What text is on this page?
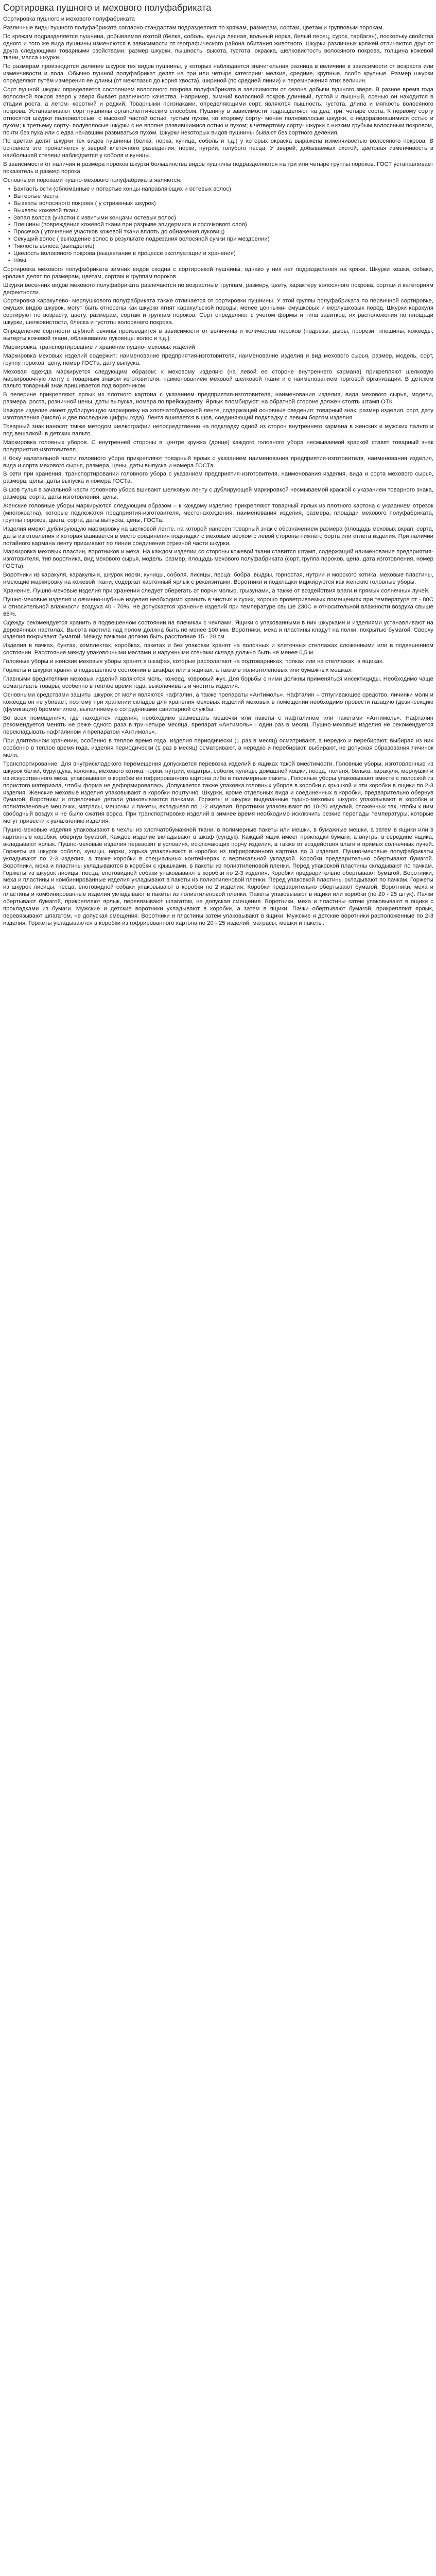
Сортировка пушного и мехового полуфабриката

Сортировка пушного и мехового полуфабриката

Различные виды пушного полуфабриката согласно стандартам подразделяют по кряжам, размерам, сортам, цветам и групповым порокам.

По кряжам подразделяется пушнина, добываемая охотой (белка, соболь, куница лесная, вольный норка, белый песец, сурок, тарбаган), поскольку свойства одного и того же вида пушнины изменяются в зависимости от географического района обитания животного. Шкурки различных кряжей отличаются друг от друга следующими товарными свойствами: размер шкурки, пышность, высота, густота, окраска, шелковистость волосяного покрова, толщина кожевой ткани, масса шкурки.

По размерам производится деление шкурок тех видов пушнины, у которых наблюдается значительная разница в величине в зависимости от возраста или изменчивости и пола. Обычно пушной полуфабрикат делят на три или четыре категории: мелкие, средние, крупные, особо крупные. Размер шкурки определяют путём измерения ее длины (от межглазья до корня хвоста), шириной (по средней линии) и перемножения этих величин.

Сорт пушной шкурки определяется состоянием волосяного покрова полуфабриката в зависимости от сезона добычи пушного зверя. В разное время года волосяной покров зверя у зверя бывает различного качества. Например, зимний волосяной покров длинный, густой и пышный, осенью он находится в стадии роста, а летом- короткий и редкий. Товарными признаками, определяющими сорт, являются пышность, густота, длина и мягкость волосяного покрова. Устанавливают сорт пушнины органолептическим способом. Пушнину в зависимости подразделяют на два, три, четыре сорта. К первому сорту относятся шкурки полноволосые, с высокой частой остью, густым пухом, ко второму сорту- менее полноволосые шкурки, с недоразвившимися остью и пухом; к третьему сорту- полуволосые шкурки с не вполне развившимися остью и пухом; к четвертому сорту- шкурки с низким грубым волосяным покровом, почти без пуха или с едва начавшим развиваться пухом. Шкурки некоторых видов пушнины бывают без сортного деления.

По цветам делят шкурки тех видов пушнины (белка, норка, куница, соболь и т.д.) у которых окраска выражена изменчивостью волосяного покрова. В основном это проявляется у зверей клеточного разведения: норки, нутрии, голубого песца. У зверей, добываемых охотой, цветовая изменчивость в наибольшей степени наблюдается у соболя и куницы.

В зависимости от наличия и размера пороков шкурки большинства видов пушнины подразделяются на три или четыре группы пороков. ГОСТ устанавливает показатель и размер порока.

Основными пороками пушно-мехового полуфабриката являются:

• Бахтасть ости (обломанные и потертые концы направляющих и остевых волос)
• Вытертые места
• Выхваты волосяного покрова ( у стриженых шкурок)
• Выхваты кожевой ткани
• Запал волоса (участки с извитыми концами остевых волос)
• Плешины (повреждения кожевой ткани при разрыве эпидермиса и сосочкового слоя)
• Просечка ( уточнение участков кожевой ткани вплоть до обнажения луковиц)
• Секущий волос ( выпадение волос в результате подрезания волосяной сумки при мездрении)
• Тяклость волоса (выпадение)
• Цвелость волосяного покрова (выцветание в процессе эксплуатации и хранения)
• Швы

Сортировка мехового полуфабриката зимних видов сходна с сортировкой пушнины, однако у них нет подразделения на кряжи. Шкурки кошки, собаки, кролика делят по размерам, цветам, сортам и группам пороков.

Шкурки весенних видов мехового полуфабриката различаются по возрастным группам, размеру, цвету, характеру волосяного покрова, сортам и категориям дефектности.

Сортировка каракулево- мерлушкового полуфабриката также отличается от сортировки пушнины. У этой группы полуфабриката по первичной сортировке, смушек видов шкурок, могут быть отнесены как шкурки ягнят каракульской породы, менее ценными- смушковых и мерлушковых пород. Шкурки каракуля сортируют по возрасту, цвету, размерам, сортам и группам пороков. Сорт определяют с учетом формы и типа завитков, их расположения по площади шкурки, шелковистости, блеска и густоты волосяного покрова.

Определение сортности шубной овчины производится в зависимости от величины и количества пороков (подрезы, дыры, прорези, плешины, кожееды, вытерты кожевой ткани, облаживание луковицы волос и т.д.).

Маркировка, транспортирование и хранение пушно- меховых изделий

Маркировка меховых изделий содержит: наименование предприятия-изготовителя, наименование изделия и вид мехового сырья, размер, модель, сорт, группу пороков, цену, номер ГОСТа, дату выпуска.

Меховая одежда маркируется следующим образом: к меховому изделию (на левой ее стороне внутреннего кармана) прикрепляют шелковую маркировочную ленту с товарным знаком изготовителя, наименованием меховой шелковой ткани и с наименованием торговой организации. В детском пальто товарный знак пришивается под воротником.

В пелерине прикрепляют ярлык из плотного картона с указанием предприятия-изготовителя, наименования изделия, вида мехового сырья, модели, размера, роста, розничной цены, даты выпуска, номера по прейскуранту. Ярлык пломбируют; на обратной стороне должен стоять штамп ОТК.

Каждое изделие имеет дублирующую маркировку на хлопчатобумажной ленте, содержащей основные сведения: товарный знак, размер изделия, сорт, дату изготовления (число) и две последние цифры года). Лента вшивается в шов, соединяющий подкладку с левым бортом изделия.

Товарный знак наносят также методом шелкографии непосредственно на подкладку одной из сторон внутреннего кармана в женских и мужских пальто и под вешалкой- в детских пальто.

Маркировка головных уборов. С внутренней стороны в центре кружка (донце) каждого головного убора несмываемой краской ставят товарный знак предприятия-изготовителя.

К боку налатальной части головного убора прикрепляют товарный ярлык с указанием наименования предприятия-изготовителя, наименования изделия, вида и сорта мехового сырья, размера, цены, даты выпуска и номера ГОСТа.

В сети при хранения, транспортировании головного убора с указанием предприятия-изготовителя, наименования изделия, вида и сорта мехового сырья, размера, цены, даты выпуска и номера ГОСТа.

В шов тулья в зачальной части головного убора вшивают шелковую ленту с дублирующей маркировкой несмываемой краской с указанием товарного знака, размера, сорта, даты изготовления, цены.

Женские головные уборы маркируются следующим образом – к каждому изделию прикрепляют товарный ярлык из плотного картона с указанием отрезок (многократна), которые подлежатся предприятия-изготовителя, местонахождения, наименования изделия, размера, площади мехового полуфабриката, группы пороков, цвета, сорта, даты выпуска, цены, ГОСТа.

Изделия имеют дублирующую маркировку на шелковой ленте, на которой нанесен товарный знак с обозначением размера (площадь меховых вкрап, сорта, даты изготовления и которая вшивается в место соединения подкладки с меховым верхом с левой стороны нижнего борта или отлета изделия. При наличии потайного кармана ленту пришивают по линии соединения отрезной части шкурки.

Маркировка меховых пластин, воротников и меха. На каждом изделии со стороны кожевой ткани ставится штамп, содержащий наименование предприятия-изготовителя, тип воротника, вид мехового сырья, модель, размер, площадь мехового полуфабриката (сорт, группа пороков, цена, дата изготовления, номер ГОСТа).

Воротники из каракуля, каракульчи, шкурок норки, куницы, соболя, лисицы, песца, бобра, выдры, горностая, нутрии и морского котика, меховые пластины, имеющие маркировку на кожевой ткани, содержат картонный ярлык с реквизитами. Воротники и подкладки маркируются как женские головные уборы.

Хранение. Пушно-меховые изделия при хранении следует оберегать от порчи молью, грызунами, а также от воздействия влаги и прямых солнечных лучей.

Пушно-меховые изделия и овчинно-шубные изделия необходимо хранить в чистых и сухих, хорошо проветриваемых помещениях при температуре от - 80С и относительной влажности воздуха 40 - 70%. Не допускается хранение изделий при температуре свыше 230С и относительной влажности воздуха свыше 65%.

Одежду рекомендуется хранить в подвешенном состоянии на плечиках с чехлами. Ящики с упакованными в них шкурками и изделиями устанавливают на деревянных настилах. Высота настила над полом должна быть не менее 100 мм. Воротники, меха и пластины кладут на полки, покрытые бумагой. Сверху изделия покрывают бумагой. Между пачками должно быть расстояние 15 - 20 см.

Изделия в пачках, бунтах, комплектах, коробках, пакетах и без упаковки хранят на полочных и клеточных стеллажах сложенными или в подвешенном состоянии. Расстояние между упаковочными местами и наружными стенами склада должно быть не менее 0,5 м.

Головные уборы и женские меховые уборы хранят в шкафах, которые располагают на подтоварниках, полках или на стеллажах, в ящиках.

Горжеты и шкурки хранят в подвешенном состоянии в шкафах или в ящиках, а также в полиэтиленовых или бумажных мешках.

Главными вредителями меховых изделий являются моль, кожеед, ковровый жук. Для борьбы с ними должны применяться инсектициды. Необходимо чаще осматривать товары, особенно в теплое время года, выколачивать и чистить изделия.

Основными средствами защиты шкурок от моли являются нафталин, а также препараты «Антимоль». Нафталин – отпугивающее средство, личинки моли и кожееда он не убивает, поэтому при хранении складов для хранения меховых изделий меховых в помещении необходимо провести газацию (дезинсекцию (фумигация) бромметилом, выполняемую сотрудниками санитарной службы.

Во всех помещениях, где находятся изделия, необходимо размещать мешочки или пакеты с нафталином или пакетами «Антимоль». Нафталин рекомендуется менять не реже одного раза в три-четыре месяца, препарат «Антимоль» - один раз в месяц. Пушно-меховые изделия не рекомендуется перекладывать нафталином и препаратом «Антимоль».

При длительном хранении, особенно в теплое время года, изделия периодически (1 раз в месяц) осматривают, а нередко и перебирают, выбирая из них особенно в теплое время года, изделия периодически (1 раз в месяц) осматривают, а нередко и перебирают, выбирают, не допуская образования личинок моли.

Транспортирование. Для внутрискладского перемещения допускается перевозка изделий в ящиках такой вместимости. Головные уборы, изготовленные из шкурок белки, бурундука, колонка, мехового котика, норки, нутрии, ондатры, соболя, куницы, домашней кошки, песца, тюленя, белька, каракуля, мерлушки и из искусственного меха, упаковывают в коробки из гофрированного картона либо в полимерные пакеты. Головные уборы упаковывают вместе с полоской из пористого материала, чтобы форма не деформировалась. Допускается также упаковка головных уборов в коробки с крышкой и эти коробки в ящики по 2-3 изделия. Женские меховые изделия упаковывают в коробки поштучно. Шкурки, кроме отдельных вида и соединенных в коробки, предварительно обернув бумагой. Воротники и отделочные детали упаковываются пачками. Горжеты и шкурки выделанные пушно-меховых шкурок упаковывают в коробки и полиэтиленовые мешочки, матрасы, мешочки и пакеты, вкладывая по 1-2 изделия. Воротники упаковывают по 10-20 изделий, сложенных так, чтобы к ним свободный воздух и не было сжатия ворса. При транспортировке изделий в зимнее время необходимо исключить резкие перепады температуры, которые могут привести к увлажнению изделия.

Пушно-меховые изделия упаковывают в чехлы из хлопчатобумажной ткани, в полимерные пакеты или мешки, в бумажные мешки, а затем в ящики или в картонные коробки, обернув бумагой. Каждое изделие вкладывают в шкаф (сундук). Каждый ящик имеет прокладки бумаги, а внутрь, в середине ящика, вкладывают ярлык. Пушно-меховые изделия перевозят в условиях, исключающих порчу изделия, а также от воздействия влаги и прямых солнечных лучей. Горжеты из шкурок соболя, куницы, норки, хорька упаковывают в коробки из гофрированного картона по 3 изделия. Пушно-меховые полуфабрикаты укладывают по 2-3 изделия, а также коробки в специальных контейнерах с вертикальной укладкой. Коробки предварительно обертывают бумагой. Воротники, меха и пластины укладываются в коробки с крышками, в пакеты из полиэтиленовой пленки. Перед упаковкой пластины складывают по пачкам. Горжеты из шкурок лисицы, песца, енотовидной собаки упаковывают в коробки по 2-3 изделия. Коробки предварительно обертывают бумагой. Воротники, меха и пластины и комбинированные изделия укладывают в пакеты из полиэтиленовой пленки. Перед упаковкой пластины складывают по пачкам. Горжеты из шкурок лисицы, песца, енотовидной собаки упаковывают в коробки по 2 изделия. Коробки предварительно обертывают бумагой. Воротники, меха и пластины и комбинированные изделия укладывают в пакеты из полиэтиленовой пленки. Пакеты упаковывают в ящики или коробки (по 20 - 25 штук). Пачки обертывают бумагой, прикрепляют ярлык, перевязывают шпагатом, не допуская смещения. Воротники, меха и пластины затем упаковывают в ящики с прокладками из бумаги. Мужские и детские воротники укладывают в коробки, а затем в ящики. Пачки обертывают бумагой, прикрепляют ярлык, перевязывают шпагатом, не допуская смещения. Воротники и пластины затем упаковывают в ящики. Мужские и детские воротники расположенные по 2-3 изделия. Горжеты укладываются в коробки из гофрированного картона по 20 - 25 изделий, матрасы, мешки и пакеты.
